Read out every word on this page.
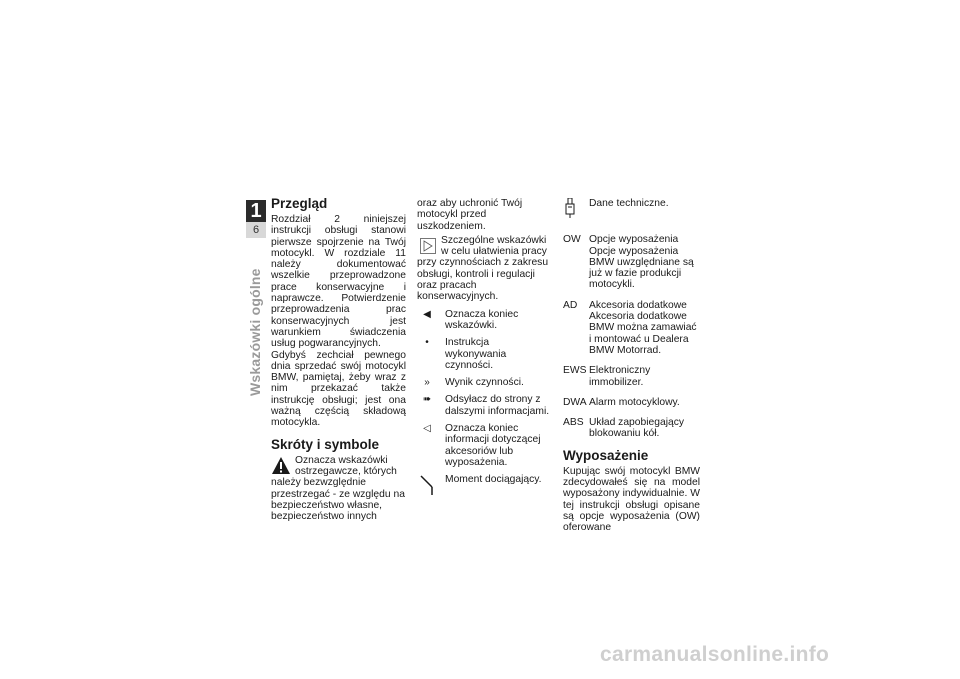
1
6
Wskazówki ogólne
Przegląd

Rozdział 2 niniejszej instrukcji obsługi stanowi pierwsze spojrzenie na Twój motocykl. W rozdziale 11 należy dokumentować wszelkie przeprowadzone prace konserwacyjne i naprawcze. Potwierdzenie przeprowadzenia prac konserwacyjnych jest warunkiem świadczenia usług pogwarancyjnych.

Gdybyś zechciał pewnego dnia sprzedać swój motocykl BMW, pamiętaj, żeby wraz z nim przekazać także instrukcję obsługi; jest ona ważną częścią składową motocykla.

Skróty i symbole
Oznacza wskazówki ostrzegawcze, których należy bezwzględnie przestrzegać - ze względu na bezpieczeństwo własne, bezpieczeństwo innych

oraz aby uchronić Twój motocykl przed uszkodzeniem.

Szczególne wskazówki w celu ułatwienia pracy przy czynnościach z zakresu obsługi, kontroli i regulacji oraz pracach konserwacyjnych.
◀	Oznacza koniec wskazówki.
•	Instrukcja wykonywania czynności.
»	Wynik czynności.
➠	Odsyłacz do strony z dalszymi informacjami.
◁	Oznacza koniec informacji dotyczącej akcesoriów lub wyposażenia.
Moment dociągający.
Dane techniczne.
OW Opcje wyposażenia
Opcje wyposażenia BMW uwzględniane są już w fazie produkcji motocykli.
AD	Akcesoria dodatkowe
Akcesoria dodatkowe BMW można zamawiać i montować u Dealera BMW Motorrad.
EWS Elektroniczny immobilizer.
DWA Alarm motocyklowy.
ABS Układ zapobiegający blokowaniu kół.
Wyposażenie

Kupując swój motocykl BMW zdecydowałeś się na model wyposażony indywidualnie. W tej instrukcji obsługi opisane są opcje wyposażenia (OW) oferowane

carmanualsonline.info
